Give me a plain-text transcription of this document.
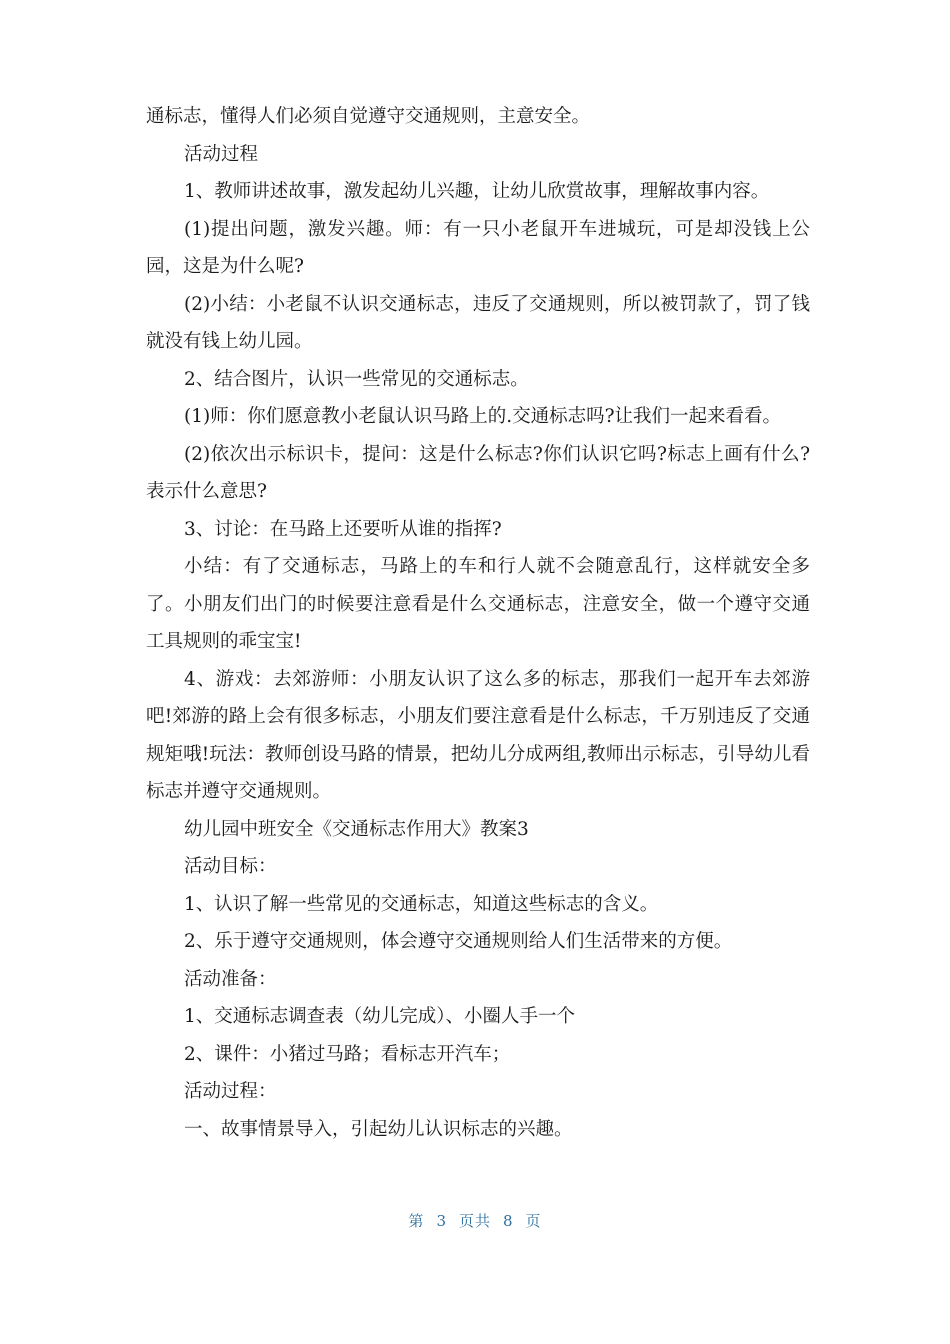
通标志，懂得人们必须自觉遵守交通规则，主意安全。

活动过程

1、教师讲述故事，激发起幼儿兴趣，让幼儿欣赏故事，理解故事内容。

(1)提出问题，激发兴趣。师：有一只小老鼠开车进城玩，可是却没钱上公园，这是为什么呢?

(2)小结：小老鼠不认识交通标志，违反了交通规则，所以被罚款了，罚了钱就没有钱上幼儿园。

2、结合图片，认识一些常见的交通标志。

(1)师：你们愿意教小老鼠认识马路上的.交通标志吗?让我们一起来看看。

(2)依次出示标识卡，提问：这是什么标志?你们认识它吗?标志上画有什么?表示什么意思?

3、讨论：在马路上还要听从谁的指挥?

小结：有了交通标志，马路上的车和行人就不会随意乱行，这样就安全多了。小朋友们出门的时候要注意看是什么交通标志，注意安全，做一个遵守交通工具规则的乖宝宝!

4、游戏：去郊游师：小朋友认识了这么多的标志，那我们一起开车去郊游吧!郊游的路上会有很多标志，小朋友们要注意看是什么标志，千万别违反了交通规矩哦!玩法：教师创设马路的情景，把幼儿分成两组,教师出示标志，引导幼儿看标志并遵守交通规则。

幼儿园中班安全《交通标志作用大》教案3

活动目标：

1、认识了解一些常见的交通标志，知道这些标志的含义。

2、乐于遵守交通规则，体会遵守交通规则给人们生活带来的方便。

活动准备：

1、交通标志调查表（幼儿完成）、小圈人手一个

2、课件：小猪过马路；看标志开汽车；

活动过程：

一、故事情景导入，引起幼儿认识标志的兴趣。

第 3 页共 8 页
